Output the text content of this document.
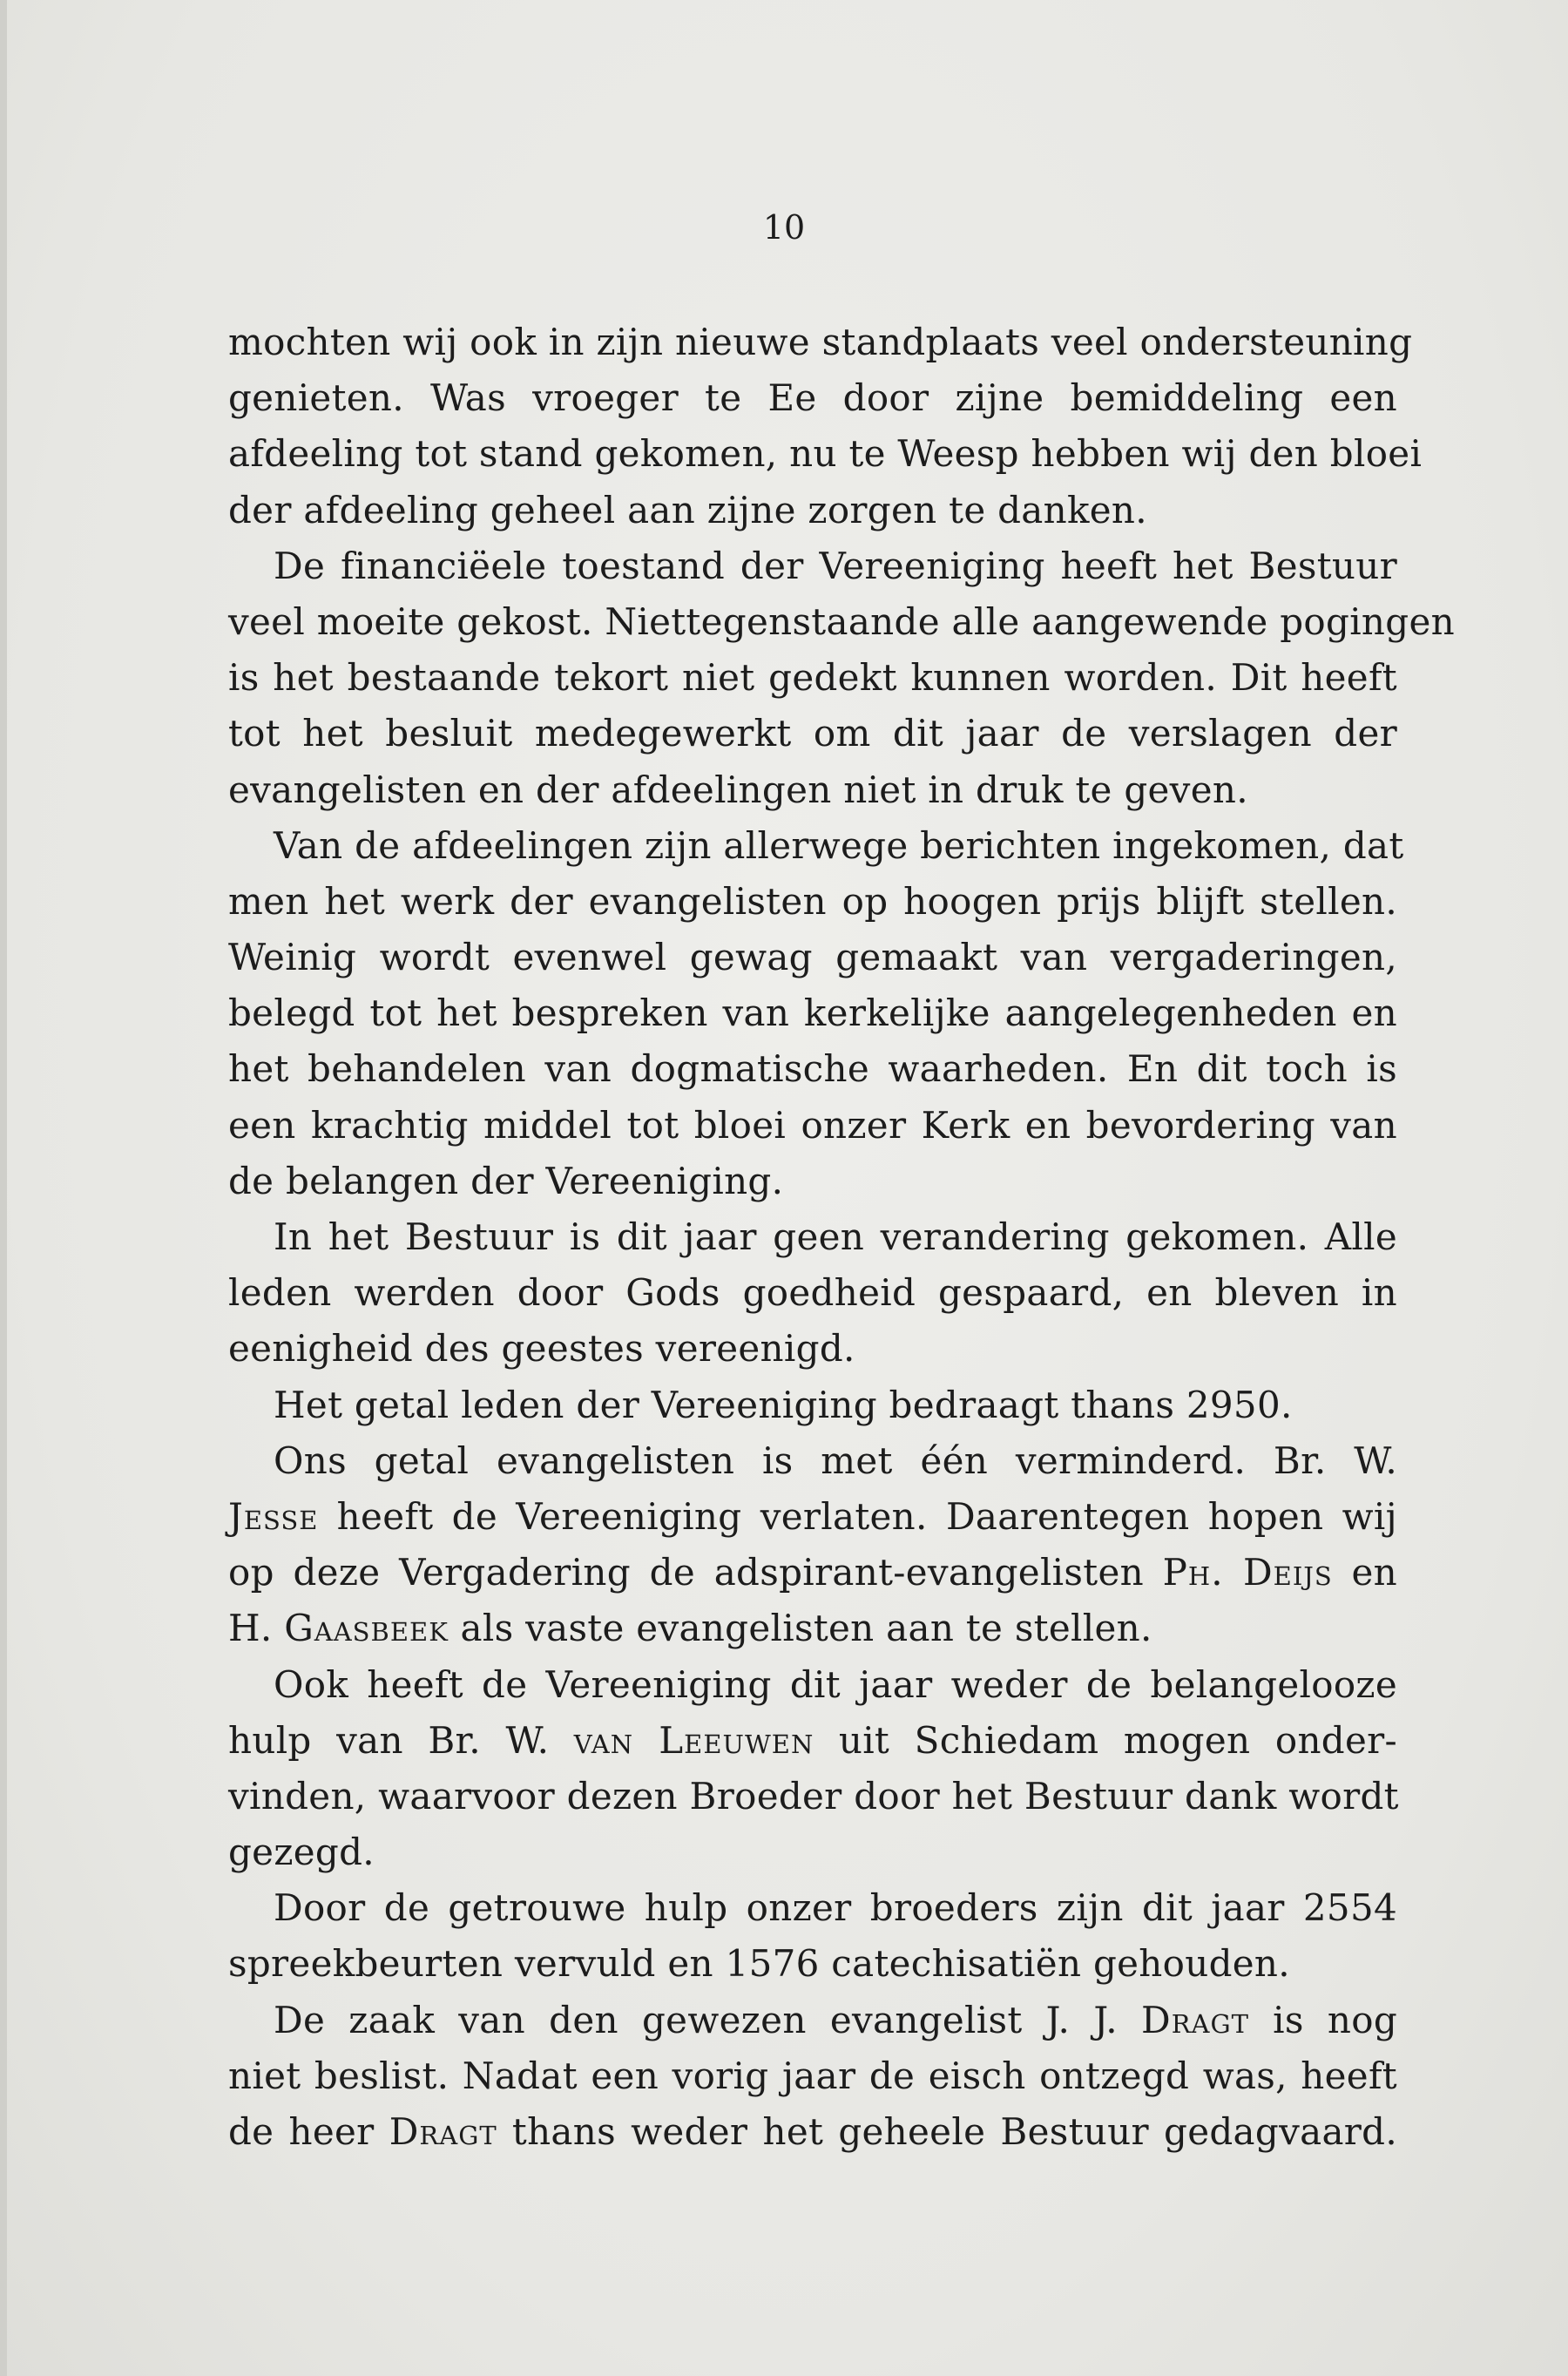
10
mochten wij ook in zijn nieuwe standplaats veel ondersteuning
genieten. Was vroeger te Ee door zijne bemiddeling een
afdeeling tot stand gekomen, nu te Weesp hebben wij den bloei
der afdeeling geheel aan zijne zorgen te danken.
De financiëele toestand der Vereeniging heeft het Bestuur
veel moeite gekost. Niettegenstaande alle aangewende pogingen
is het bestaande tekort niet gedekt kunnen worden. Dit heeft
tot het besluit medegewerkt om dit jaar de verslagen der
evangelisten en der afdeelingen niet in druk te geven.
Van de afdeelingen zijn allerwege berichten ingekomen, dat
men het werk der evangelisten op hoogen prijs blijft stellen.
Weinig wordt evenwel gewag gemaakt van vergaderingen,
belegd tot het bespreken van kerkelijke aangelegenheden en
het behandelen van dogmatische waarheden. En dit toch is
een krachtig middel tot bloei onzer Kerk en bevordering van
de belangen der Vereeniging.
In het Bestuur is dit jaar geen verandering gekomen. Alle
leden werden door Gods goedheid gespaard, en bleven in
eenigheid des geestes vereenigd.
Het getal leden der Vereeniging bedraagt thans 2950.
Ons getal evangelisten is met één verminderd. Br. W.
Jesse heeft de Vereeniging verlaten. Daarentegen hopen wij
op deze Vergadering de adspirant-evangelisten Ph. Deijs en
H. Gaasbeek als vaste evangelisten aan te stellen.
Ook heeft de Vereeniging dit jaar weder de belangelooze
hulp van Br. W. van Leeuwen uit Schiedam mogen onder-
vinden, waarvoor dezen Broeder door het Bestuur dank wordt
gezegd.
Door de getrouwe hulp onzer broeders zijn dit jaar 2554
spreekbeurten vervuld en 1576 catechisatiën gehouden.
De zaak van den gewezen evangelist J. J. Dragt is nog
niet beslist. Nadat een vorig jaar de eisch ontzegd was, heeft
de heer Dragt thans weder het geheele Bestuur gedagvaard.
